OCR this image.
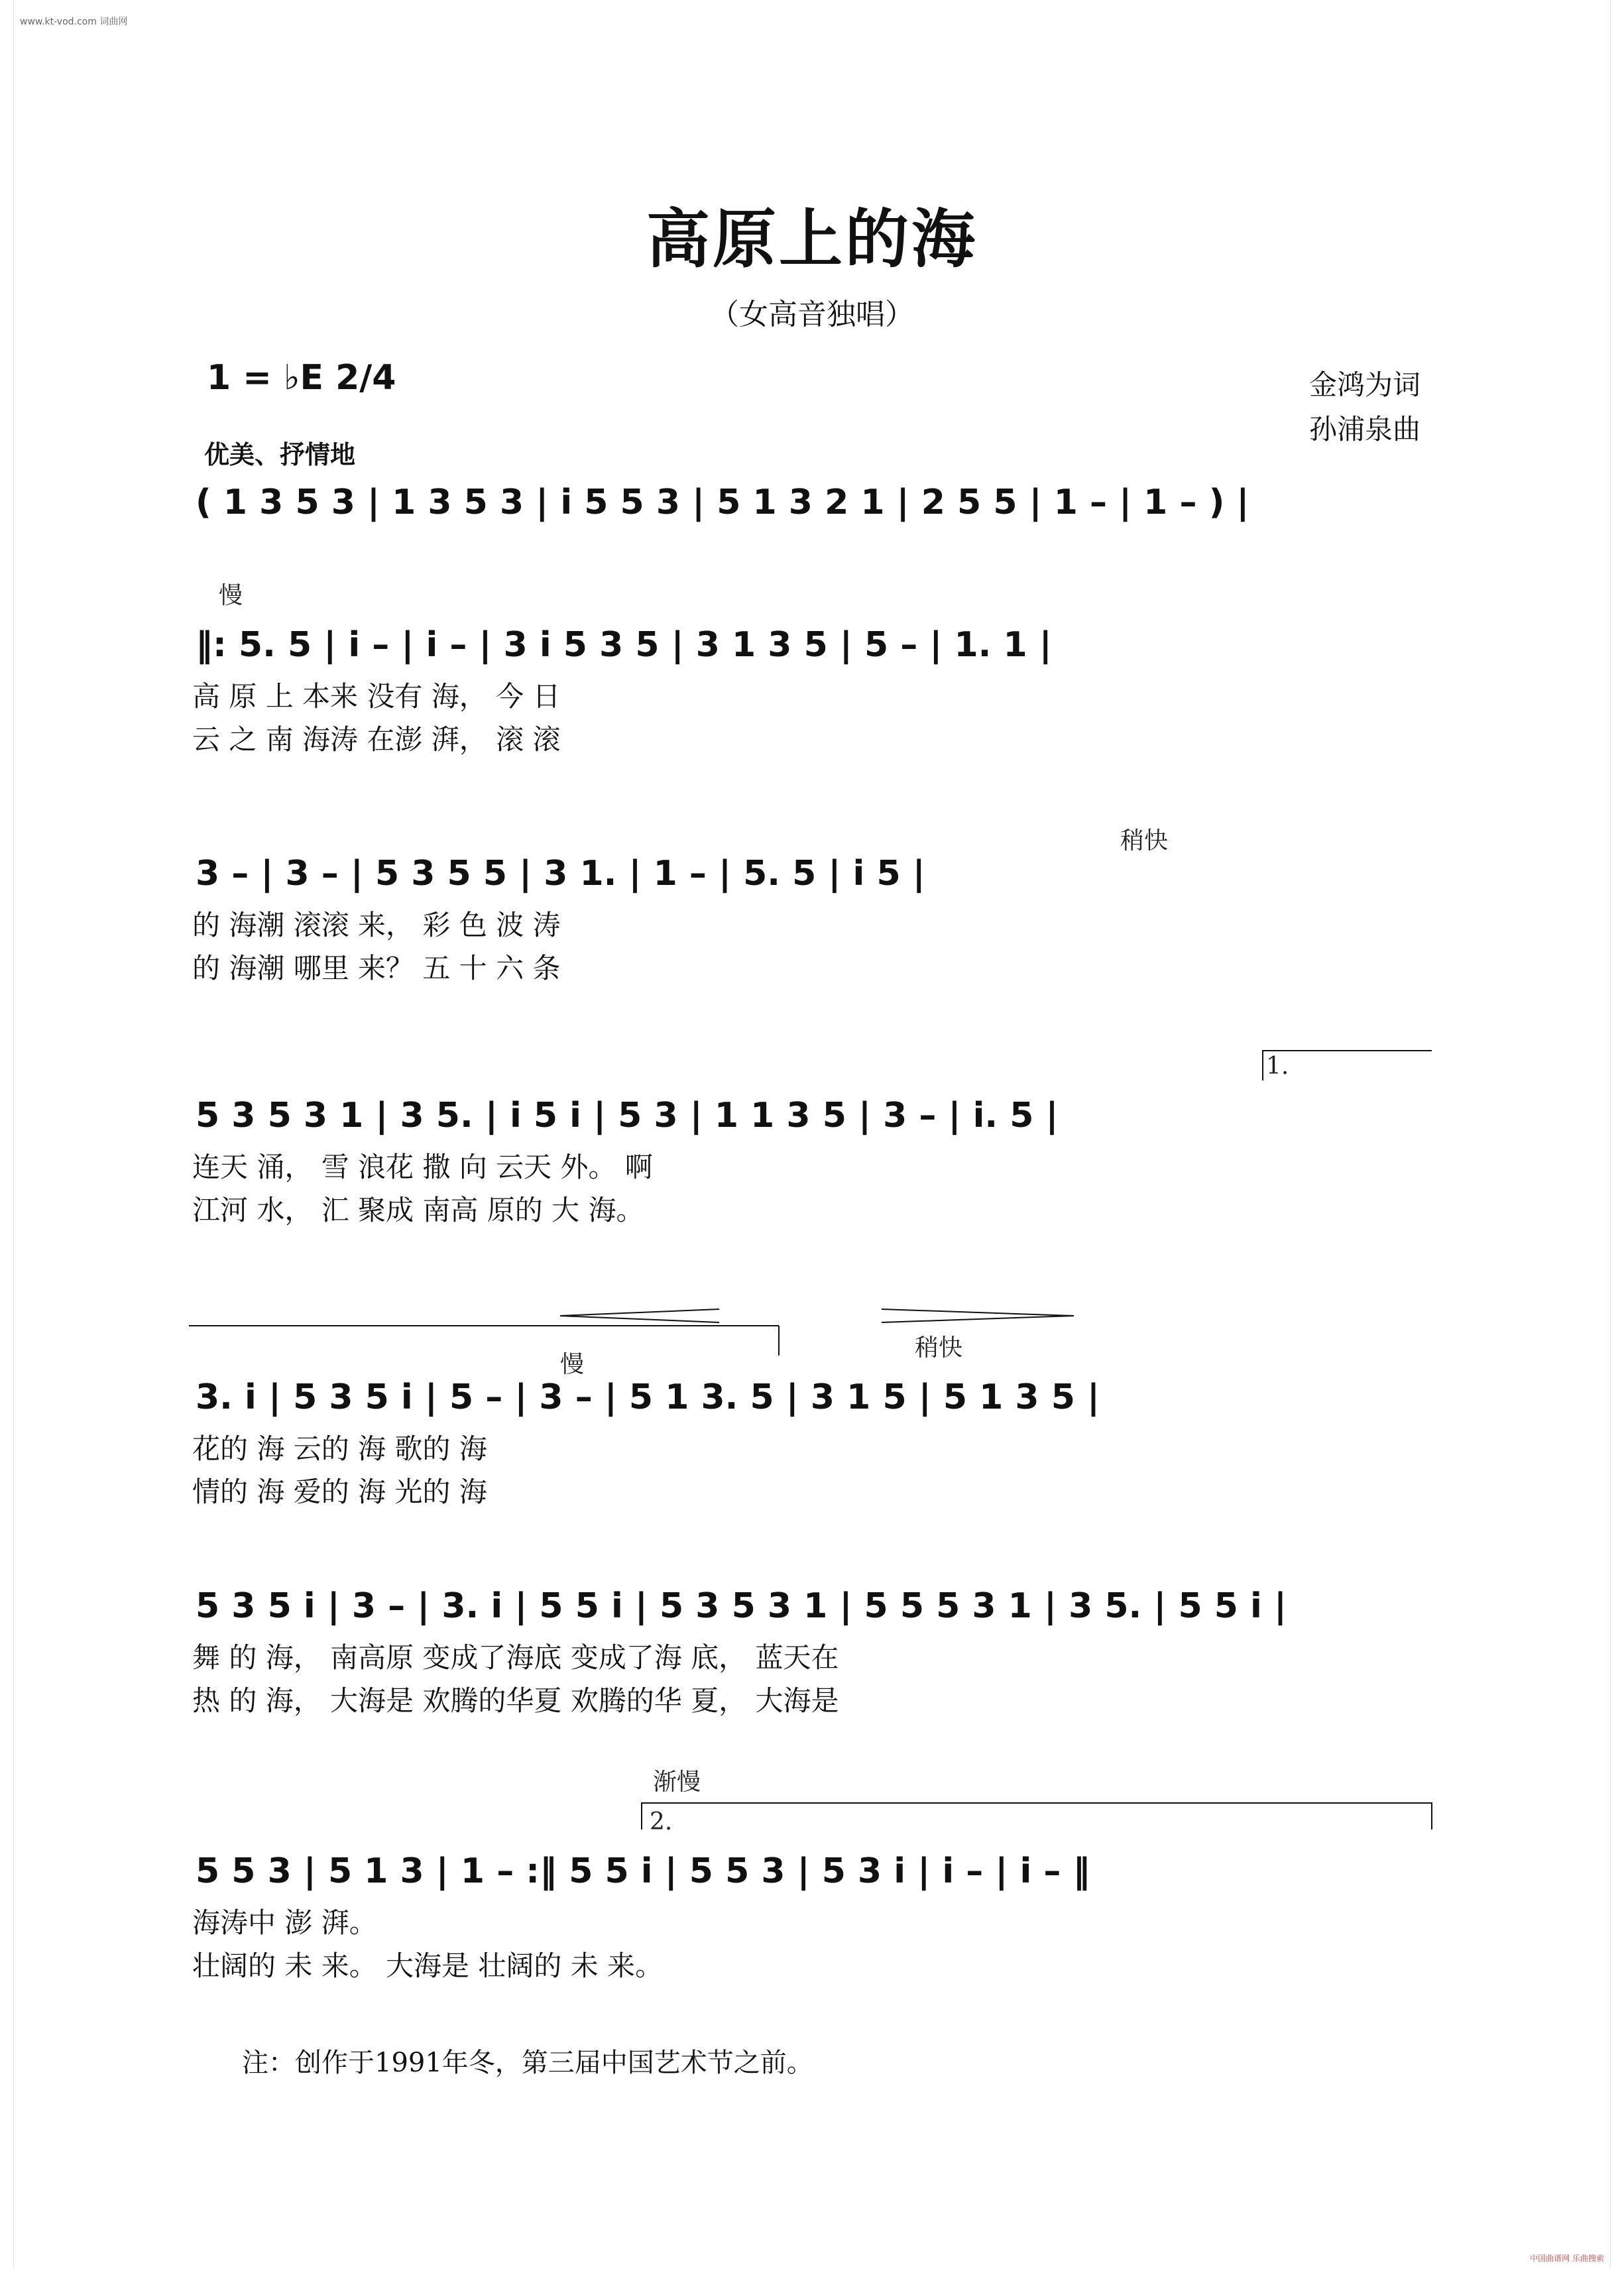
www.kt-vod.com 词曲网
高原上的海
（女高音独唱）
1 = ♭E 2/4	金鸿为词
孙浦泉曲
优美、抒情地
( 1 3 5 3 | 1 3 5 3 | i 5 5 3 | 5 1 3 2 1 | 2 5 5 | 1 – | 1 – ) |
‖: 5. 5 | i – | i – | 3 i 5 3 5 | 3 1 3 5 | 5 – | 1. 1 |
高 原 上 本来 没有 海， 今 日
云 之 南 海涛 在澎 湃， 滚 滚
慢
3 – | 3 – | 5 3 5 5 | 3 1. | 1 – | 5. 5 | i 5 |
的 海潮 滚滚 来， 彩 色 波 涛
的 海潮 哪里 来？ 五 十 六 条
稍快
5 3 5 3 1 | 3 5. | i 5 i | 5 3 | 1 1 3 5 | 3 – | i. 5 |
连天 涌， 雪 浪花 撒 向 云天 外。 啊
江河 水， 汇 聚成 南高 原的 大 海。
1.
3. i | 5 3 5 i | 5 – | 3 – | 5 1 3. 5 | 3 1 5 | 5 1 3 5 |
花的 海 云的 海 歌的 海
情的 海 爱的 海 光的 海
慢
稍快
5 3 5 i | 3 – | 3. i | 5 5 i | 5 3 5 3 1 | 5 5 5 3 1 | 3 5. | 5 5 i |
舞 的 海， 南高原 变成了海底 变成了海 底， 蓝天在
热 的 海， 大海是 欢腾的华夏 欢腾的华 夏， 大海是
5 5 3 | 5 1 3 | 1 – :‖ 5 5 i | 5 5 3 | 5 3 i | i – | i – ‖
海涛中 澎 湃。
壮阔的 未 来。 大海是 壮阔的 未 来。
渐慢
2.
注：创作于1991年冬，第三届中国艺术节之前。
中国曲谱网 乐曲搜索
